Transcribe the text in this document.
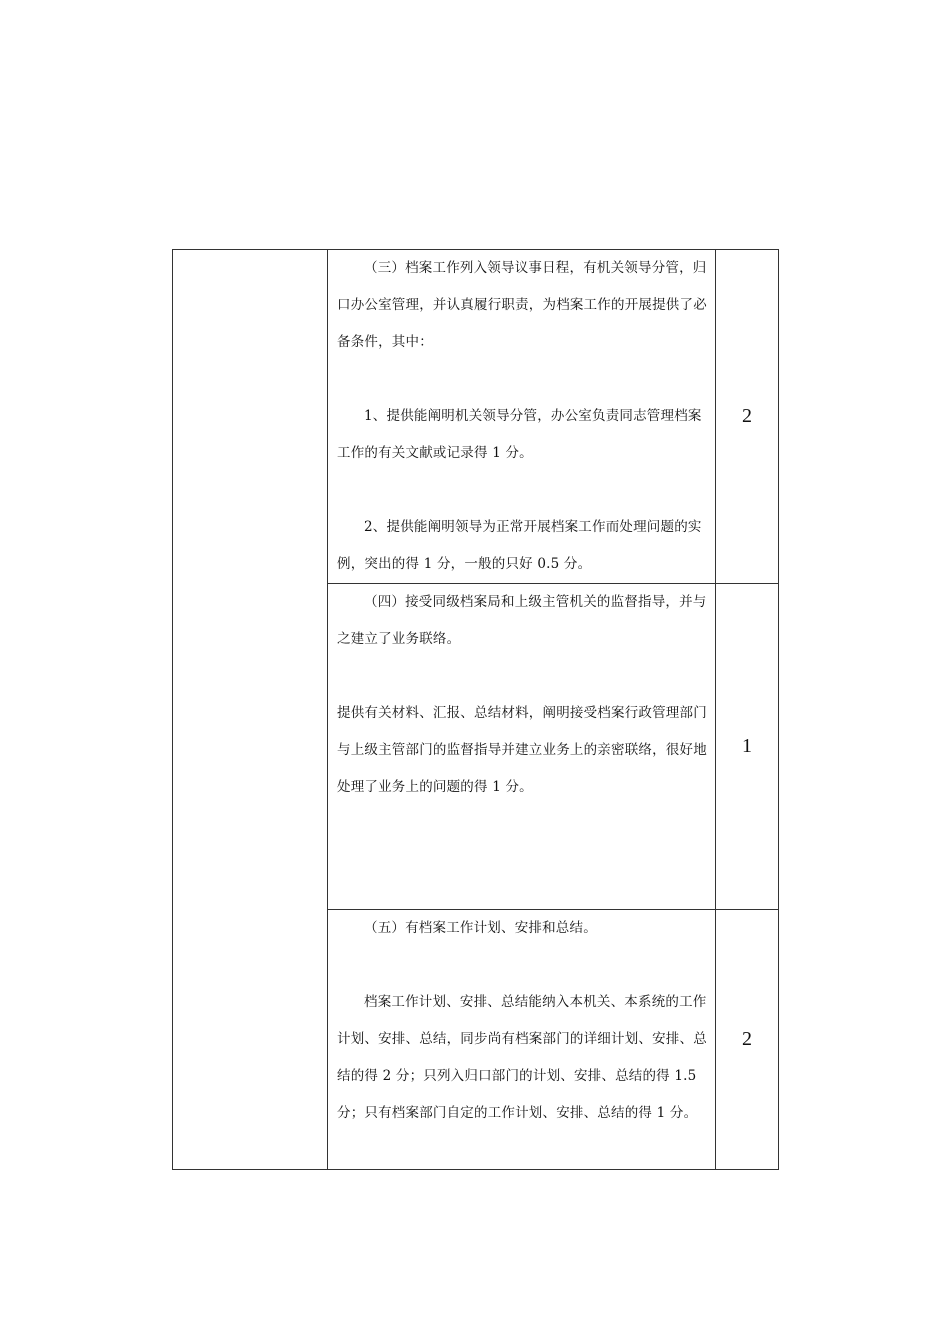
	（三）档案工作列入领导议事日程，有机关领导分管，归口办公室管理，并认真履行职责，为档案工作的开展提供了必备条件，其中：

1、提供能阐明机关领导分管，办公室负责同志管理档案工作的有关文献或记录得 1 分。

2、提供能阐明领导为正常开展档案工作而处理问题的实例，突出的得 1 分，一般的只好 0.5 分。	2

	（四）接受同级档案局和上级主管机关的监督指导，并与之建立了业务联络。

提供有关材料、汇报、总结材料，阐明接受档案行政管理部门与上级主管部门的监督指导并建立业务上的亲密联络，很好地处理了业务上的问题的得 1 分。	1

	（五）有档案工作计划、安排和总结。

档案工作计划、安排、总结能纳入本机关、本系统的工作计划、安排、总结，同步尚有档案部门的详细计划、安排、总结的得 2 分；只列入归口部门的计划、安排、总结的得 1.5 分；只有档案部门自定的工作计划、安排、总结的得 1 分。	2
